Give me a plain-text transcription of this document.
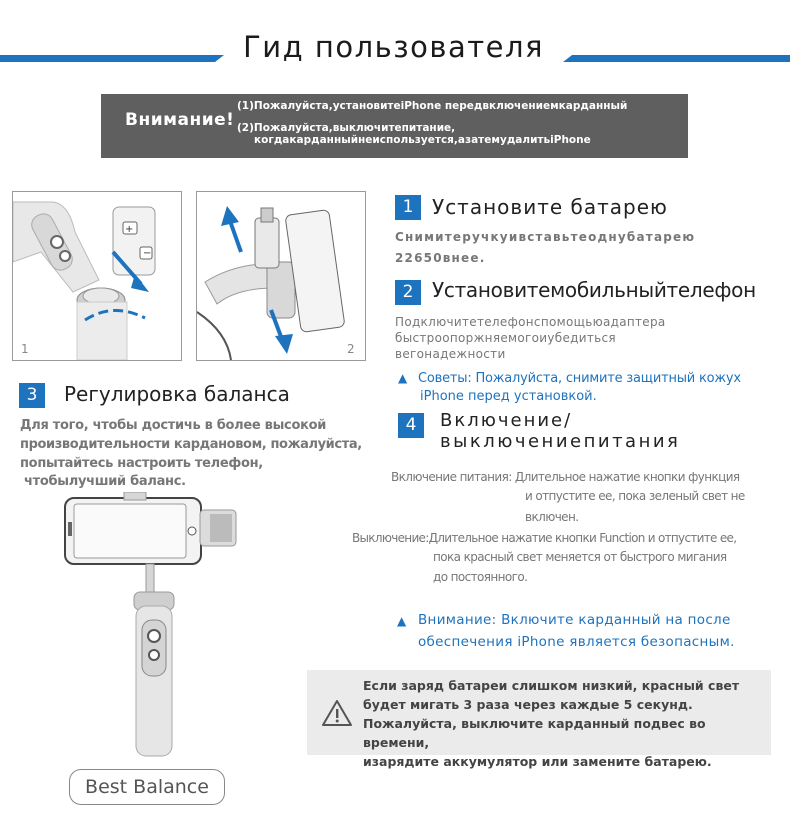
Гид пользователя
Внимание!
(1)Пожалуйста,установитеiPhone передвключениемкарданный
(2)Пожалуйста,выключитепитание,
когдакарданныйнеиспользуется,азатемудалитьiPhone
+
−
1	2
1 Установите батарею
Снимитеручкуивставьтеоднубатарею
22650внее.
2 Установитемобильныйтелефон
Подключитетелефонспомощьюадаптера
быстроопоржняемогоиубедиться
вегонадежности
▲ Советы: Пожалуйста, снимите защитный кожух
iPhone перед установкой.
3	Регулировка баланса
Для того, чтобы достичь в более высокой
производительности кардановом, пожалуйста,
попытайтесь настроить телефон,
чтобылучший баланс.
4	Включение/
выключениепитания
Включение питания: Длительное нажатие кнопки функция
и отпустите ее, пока зеленый свет не
включен.
Выключение:Длительное нажатие кнопки Function и отпустите ее,
пока красный свет меняется от быстрого мигания
до постоянного.
▲ Внимание: Включите карданный на после
обеспечения iPhone является безопасным.
Если заряд батареи слишком низкий, красный свет
будет мигать 3 раза через каждые 5 секунд.
Пожалуйста, выключите карданный подвес во времени,
изарядите аккумулятор или замените батарею.
Best Balance
